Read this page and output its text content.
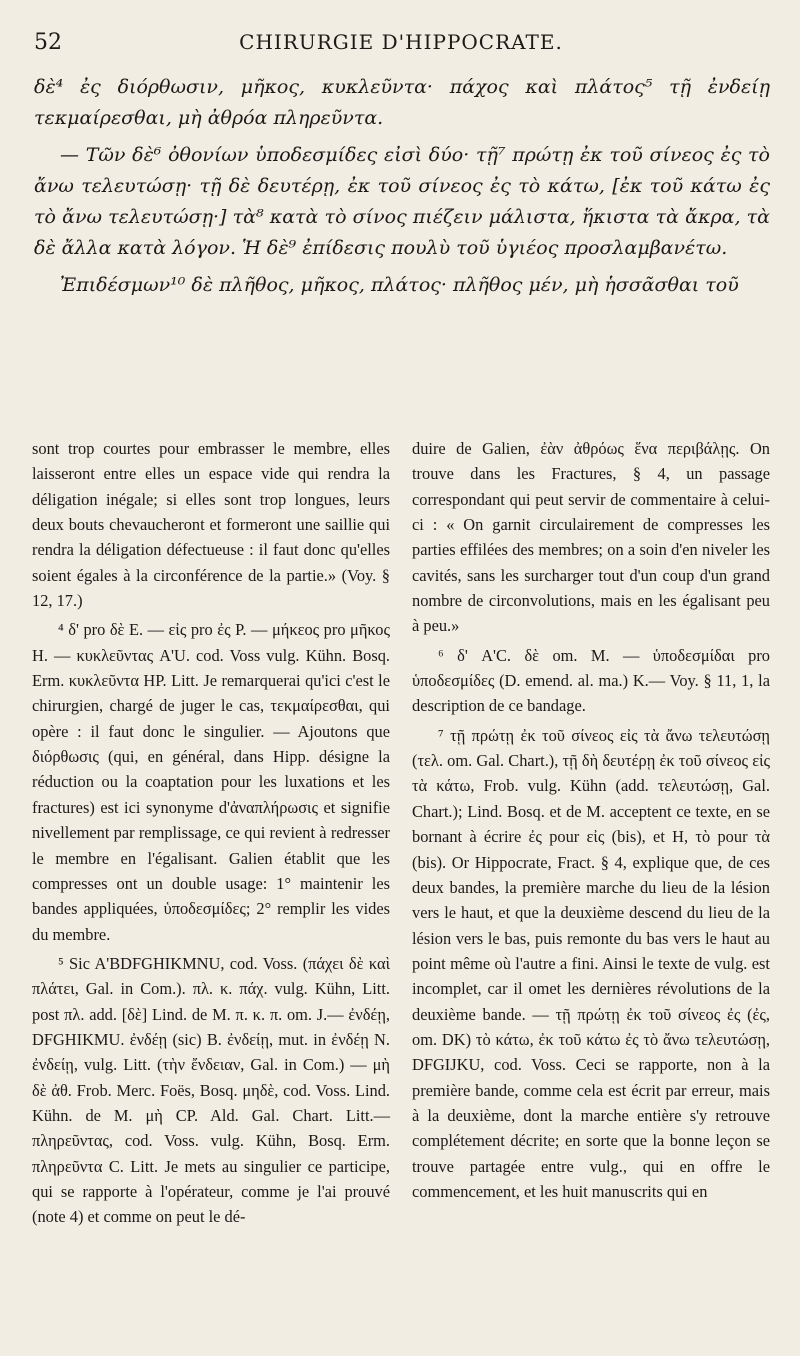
52	CHIRURGIE D'HIPPOCRATE.

δὲ⁴ ἐς διόρθωσιν, μῆκος, κυκλεῦντα· πάχος καὶ πλάτος⁵ τῇ ἐνδείῃ τεκμαίρεσθαι, μὴ ἀθρόα πληρεῦντα.

— Τῶν δὲ⁶ ὀθονίων ὑποδεσμίδες εἰσὶ δύο· τῇ⁷ πρώτῃ ἐκ τοῦ σίνεος ἐς τὸ ἄνω τελευτώσῃ· τῇ δὲ δευτέρῃ, ἐκ τοῦ σίνεος ἐς τὸ κάτω, [ἐκ τοῦ κάτω ἐς τὸ ἄνω τελευτώσῃ·] τὰ⁸ κατὰ τὸ σίνος πιέζειν μάλιστα, ἥκιστα τὰ ἄκρα, τὰ δὲ ἄλλα κατὰ λόγον. Ἡ δὲ⁹ ἐπίδεσις πουλὺ τοῦ ὑγιέος προσλαμβανέτω.

Ἐπιδέσμων¹⁰ δὲ πλῆθος, μῆκος, πλάτος· πλῆθος μέν, μὴ ἡσσᾶσθαι τοῦ

sont trop courtes pour embrasser le membre, elles laisseront entre elles un espace vide qui rendra la déligation inégale; si elles sont trop longues, leurs deux bouts chevaucheront et formeront une saillie qui rendra la déligation défectueuse : il faut donc qu'elles soient égales à la circonférence de la partie.» (Voy. § 12, 17.)

⁴ δ' pro δὲ E. — εἰς pro ἐς P. — μήκεος pro μῆκος H. — κυκλεῦντας A'U. cod. Voss vulg. Kühn. Bosq. Erm. κυκλεῦντα HP. Litt. Je remarquerai qu'ici c'est le chirurgien, chargé de juger le cas, τεκμαίρεσθαι, qui opère : il faut donc le singulier. — Ajoutons que διόρθωσις (qui, en général, dans Hipp. désigne la réduction ou la coaptation pour les luxations et les fractures) est ici synonyme d'ἀναπλήρωσις et signifie nivellement par remplissage, ce qui revient à redresser le membre en l'égalisant. Galien établit que les compresses ont un double usage: 1° maintenir les bandes appliquées, ὑποδεσμίδες; 2° remplir les vides du membre.

⁵ Sic A'BDFGHIKMNU, cod. Voss. (πάχει δὲ καὶ πλάτει, Gal. in Com.). πλ. κ. πάχ. vulg. Kühn, Litt. post πλ. add. [δὲ] Lind. de M. π. κ. π. om. J.— ἐνδέῃ, DFGHIKMU. ἐνδέῃ (sic) B. ἐνδείῃ, mut. in ἐνδέῃ N. ἐνδείῃ, vulg. Litt. (τὴν ἔνδειαν, Gal. in Com.) — μὴ δὲ ἀθ. Frob. Merc. Foës, Bosq. μηδὲ, cod. Voss. Lind. Kühn. de M. μὴ CP. Ald. Gal. Chart. Litt.—πληρεῦντας, cod. Voss. vulg. Kühn, Bosq. Erm. πληρεῦντα C. Litt. Je mets au singulier ce participe, qui se rapporte à l'opérateur, comme je l'ai prouvé (note 4) et comme on peut le dé-

duire de Galien, ἐὰν ἀθρόως ἕνα περιβάλῃς. On trouve dans les Fractures, § 4, un passage correspondant qui peut servir de commentaire à celui-ci : « On garnit circulairement de compresses les parties effilées des membres; on a soin d'en niveler les cavités, sans les surcharger tout d'un coup d'un grand nombre de circonvolutions, mais en les égalisant peu à peu.»

⁶ δ' A'C. δὲ om. M. — ὑποδεσμίδαι pro ὑποδεσμίδες (D. emend. al. ma.) K.— Voy. § 11, 1, la description de ce bandage.

⁷ τῇ πρώτῃ ἐκ τοῦ σίνεος εἰς τὰ ἄνω τελευτώσῃ (τελ. om. Gal. Chart.), τῇ δὴ δευτέρῃ ἐκ τοῦ σίνεος εἰς τὰ κάτω, Frob. vulg. Kühn (add. τελευτώσῃ, Gal. Chart.); Lind. Bosq. et de M. acceptent ce texte, en se bornant à écrire ἐς pour εἰς (bis), et H, τὸ pour τὰ (bis). Or Hippocrate, Fract. § 4, explique que, de ces deux bandes, la première marche du lieu de la lésion vers le haut, et que la deuxième descend du lieu de la lésion vers le bas, puis remonte du bas vers le haut au point même où l'autre a fini. Ainsi le texte de vulg. est incomplet, car il omet les dernières révolutions de la deuxième bande. — τῇ πρώτῃ ἐκ τοῦ σίνεος ἐς (ἐς, om. DK) τὸ κάτω, ἐκ τοῦ κάτω ἐς τὸ ἄνω τελευτώσῃ, DFGIJKU, cod. Voss. Ceci se rapporte, non à la première bande, comme cela est écrit par erreur, mais à la deuxième, dont la marche entière s'y retrouve complétement décrite; en sorte que la bonne leçon se trouve partagée entre vulg., qui en offre le commencement, et les huit manuscrits qui en
